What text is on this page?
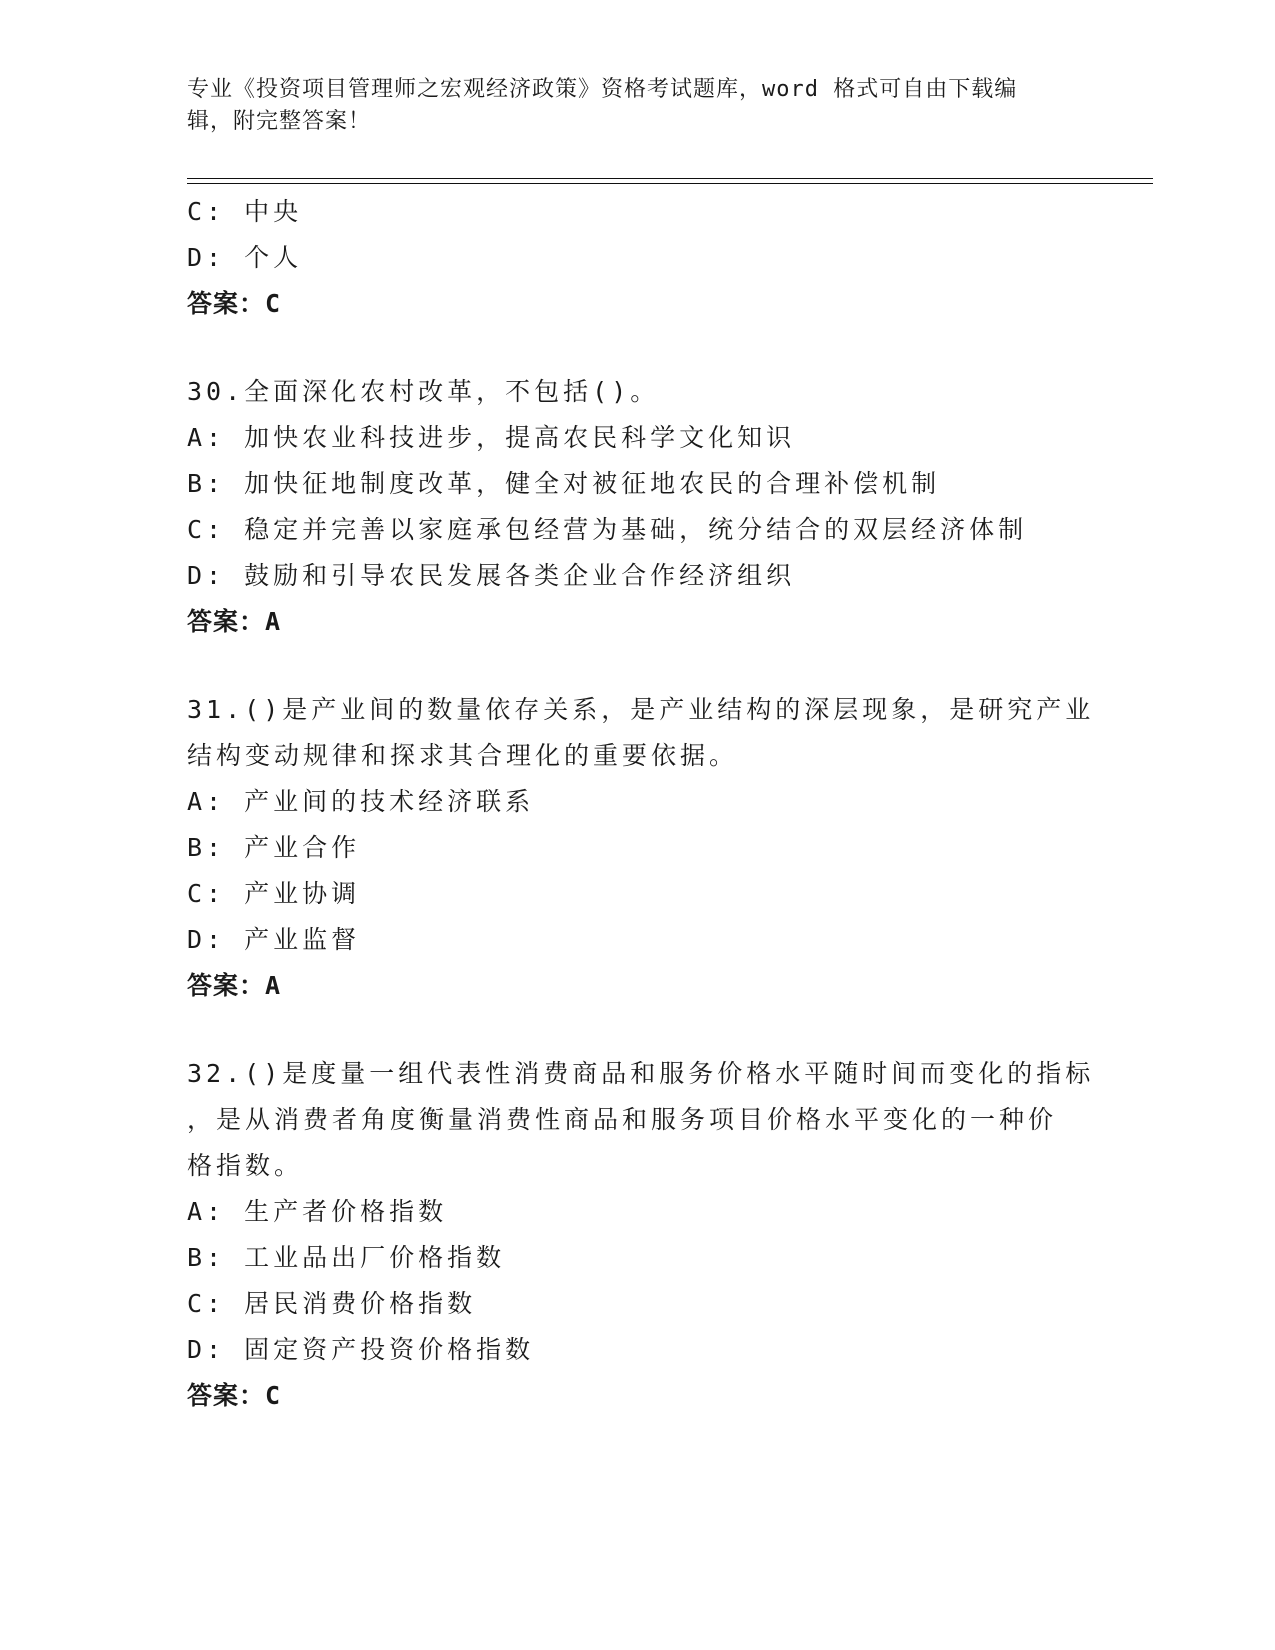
专业《投资项目管理师之宏观经济政策》资格考试题库，word 格式可自由下载编
辑，附完整答案！
C: 中央
D: 个人
答案：C
30.全面深化农村改革，不包括()。
A: 加快农业科技进步，提高农民科学文化知识
B: 加快征地制度改革，健全对被征地农民的合理补偿机制
C: 稳定并完善以家庭承包经营为基础，统分结合的双层经济体制
D: 鼓励和引导农民发展各类企业合作经济组织
答案：A
31.()是产业间的数量依存关系，是产业结构的深层现象，是研究产业
结构变动规律和探求其合理化的重要依据。
A: 产业间的技术经济联系
B: 产业合作
C: 产业协调
D: 产业监督
答案：A
32.()是度量一组代表性消费商品和服务价格水平随时间而变化的指标
，是从消费者角度衡量消费性商品和服务项目价格水平变化的一种价
格指数。
A: 生产者价格指数
B: 工业品出厂价格指数
C: 居民消费价格指数
D: 固定资产投资价格指数
答案：C
